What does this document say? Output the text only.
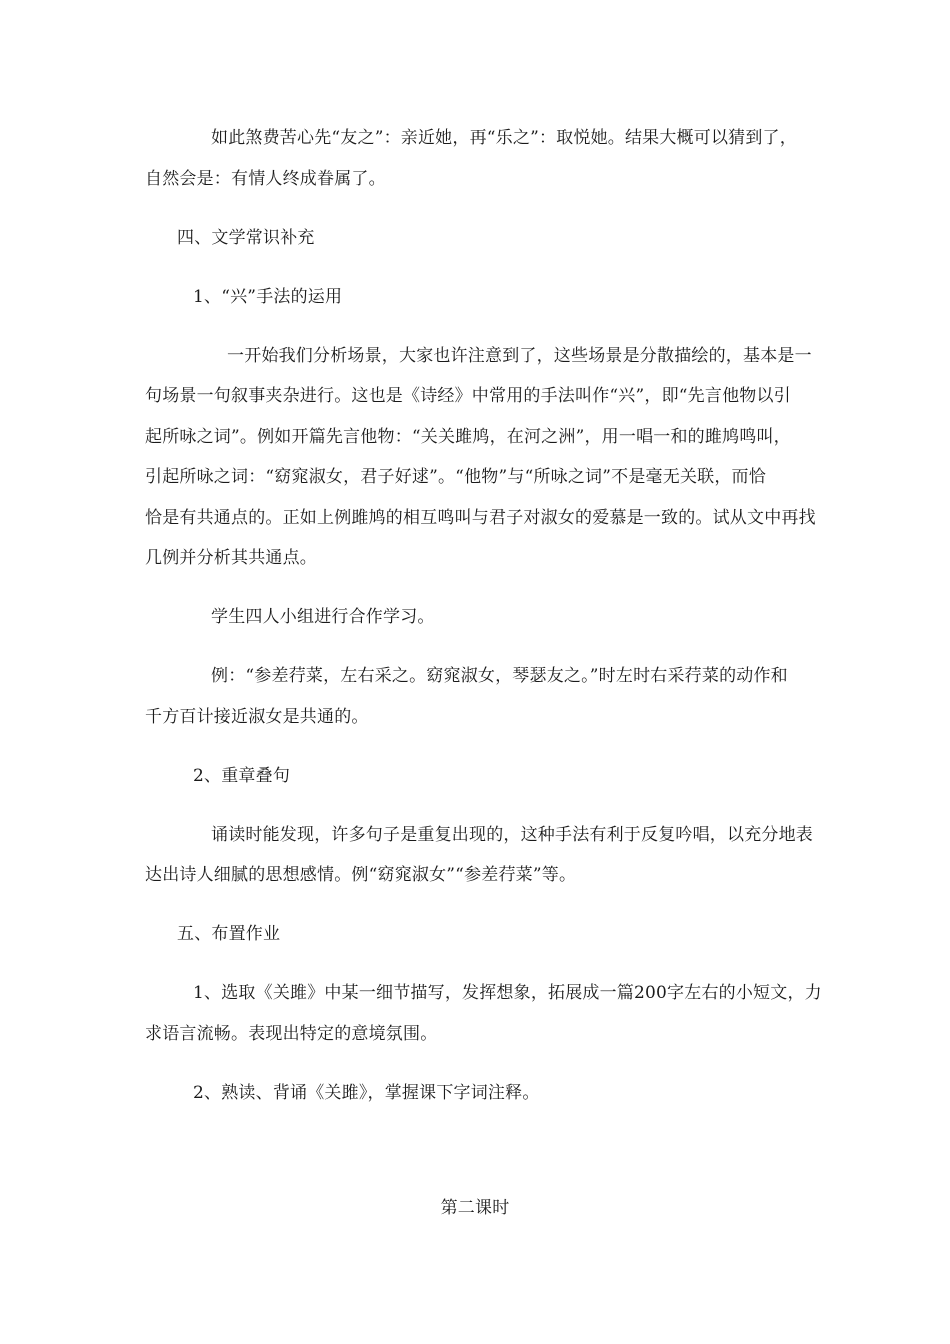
如此煞费苦心先“友之”：亲近她，再“乐之”：取悦她。结果大概可以猜到了，
自然会是：有情人终成眷属了。
四、文学常识补充
1、“兴”手法的运用
一开始我们分析场景，大家也许注意到了，这些场景是分散描绘的，基本是一
句场景一句叙事夹杂进行。这也是《诗经》中常用的手法叫作“兴”，即“先言他物以引
起所咏之词”。例如开篇先言他物：“关关雎鸠，在河之洲”，用一唱一和的雎鸠鸣叫，
引起所咏之词：“窈窕淑女，君子好逑”。“他物”与“所咏之词”不是毫无关联，而恰
恰是有共通点的。正如上例雎鸠的相互鸣叫与君子对淑女的爱慕是一致的。试从文中再找
几例并分析其共通点。
学生四人小组进行合作学习。
例：“参差荇菜，左右采之。窈窕淑女，琴瑟友之。”时左时右采荇菜的动作和
千方百计接近淑女是共通的。
2、重章叠句
诵读时能发现，许多句子是重复出现的，这种手法有利于反复吟唱，以充分地表
达出诗人细腻的思想感情。例“窈窕淑女”“参差荇菜”等。
五、布置作业
1、选取《关雎》中某一细节描写，发挥想象，拓展成一篇200字左右的小短文，力
求语言流畅。表现出特定的意境氛围。
2、熟读、背诵《关雎》，掌握课下字词注释。
第二课时
